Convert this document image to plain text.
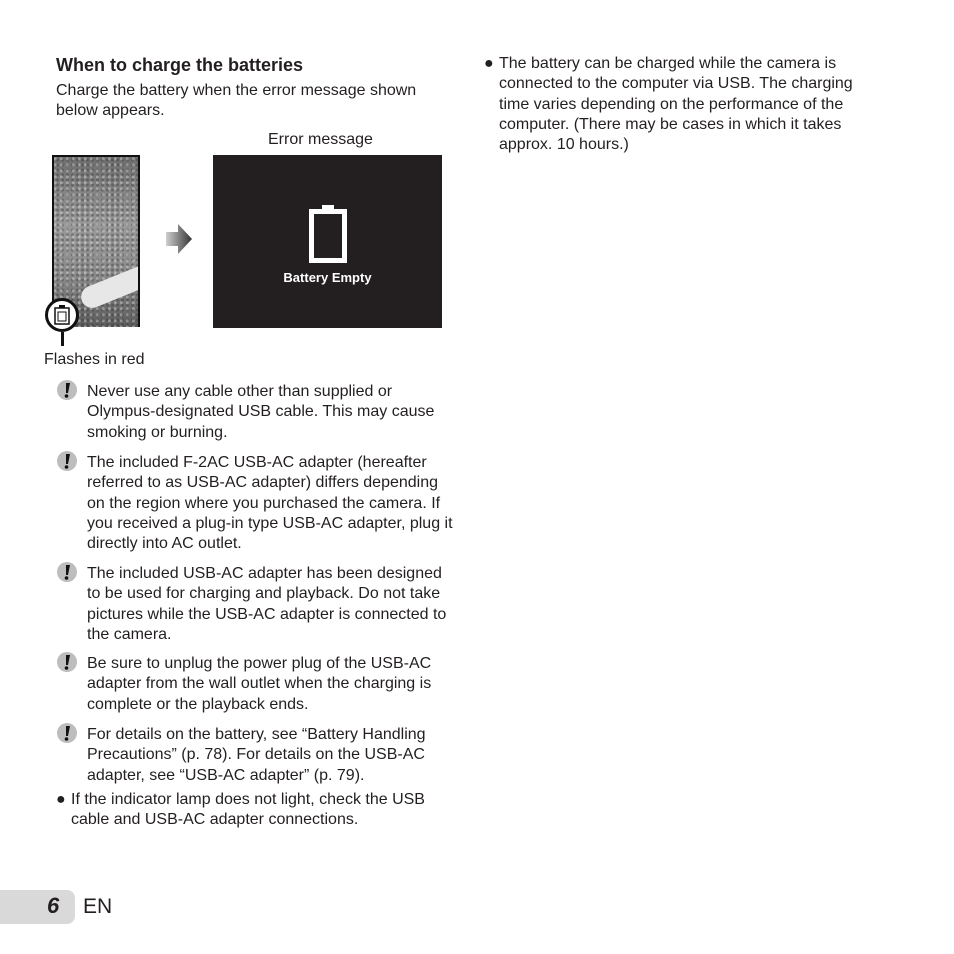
When to charge the batteries

Charge the battery when the error message shown below appears.

Error message
Flashes in red
Battery Empty
Never use any cable other than supplied or Olympus-designated USB cable. This may cause smoking or burning.
The included F-2AC USB-AC adapter (hereafter referred to as USB-AC adapter) differs depending on the region where you purchased the camera. If you received a plug-in type USB-AC adapter, plug it directly into AC outlet.
The included USB-AC adapter has been designed to be used for charging and playback. Do not take pictures while the USB-AC adapter is connected to the camera.
Be sure to unplug the power plug of the USB-AC adapter from the wall outlet when the charging is complete or the playback ends.
For details on the battery, see “Battery Handling Precautions” (p. 78). For details on the USB-AC adapter, see “USB-AC adapter” (p. 79).
● If the indicator lamp does not light, check the USB cable and USB-AC adapter connections.
● The battery can be charged while the camera is connected to the computer via USB. The charging time varies depending on the performance of the computer. (There may be cases in which it takes approx. 10 hours.)
6 EN
